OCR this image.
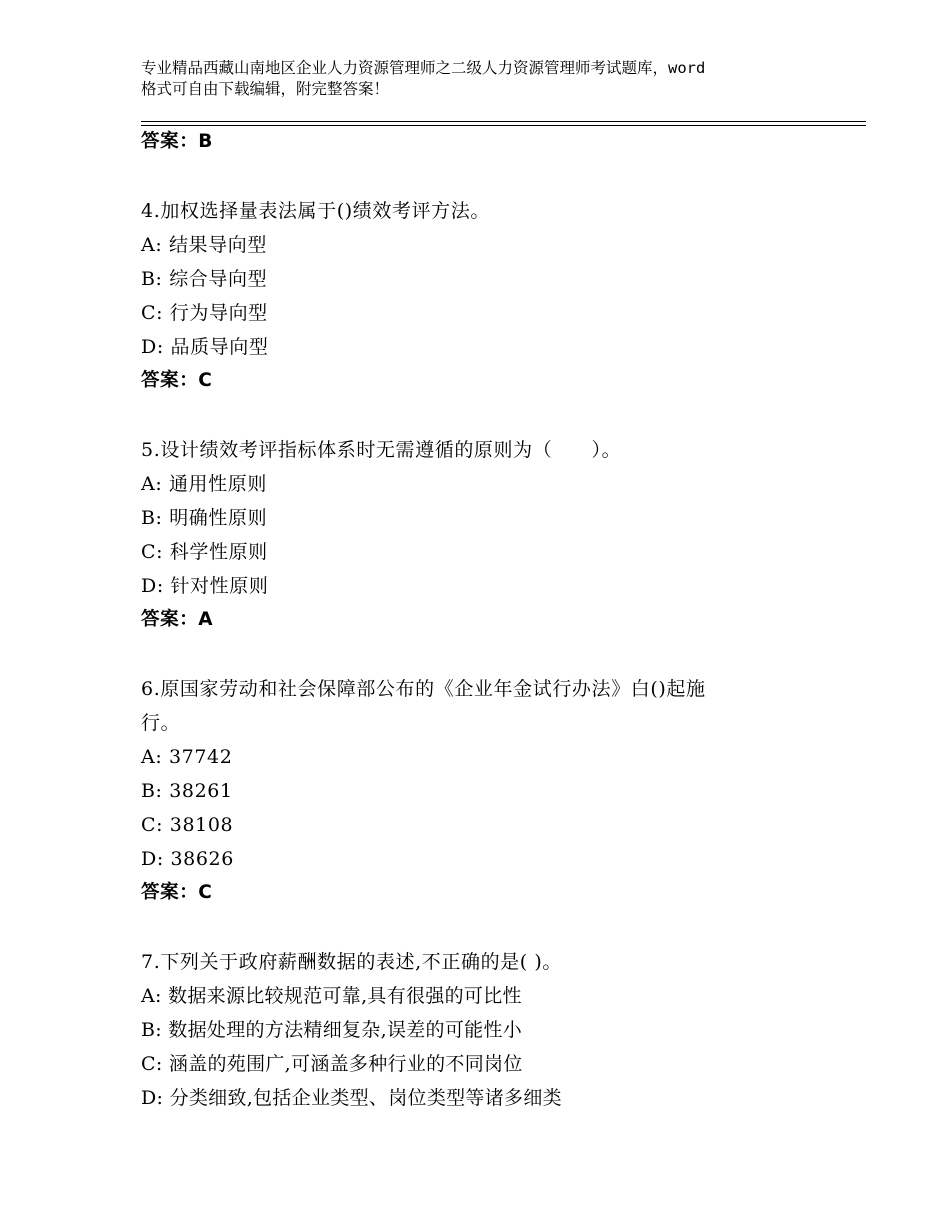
专业精品西藏山南地区企业人力资源管理师之二级人力资源管理师考试题库，word
格式可自由下载编辑，附完整答案！
答案：B
4.加权选择量表法属于()绩效考评方法。
A: 结果导向型
B: 综合导向型
C: 行为导向型
D: 品质导向型
答案：C
5.设计绩效考评指标体系时无需遵循的原则为（　　）。
A: 通用性原则
B: 明确性原则
C: 科学性原则
D: 针对性原则
答案：A
6.原国家劳动和社会保障部公布的《企业年金试行办法》白()起施
行。
A: 37742
B: 38261
C: 38108
D: 38626
答案：C
7.下列关于政府薪酬数据的表述,不正确的是( )。
A: 数据来源比较规范可靠,具有很强的可比性
B: 数据处理的方法精细复杂,误差的可能性小
C: 涵盖的苑围广,可涵盖多种行业的不同岗位
D: 分类细致,包括企业类型、岗位类型等诸多细类
